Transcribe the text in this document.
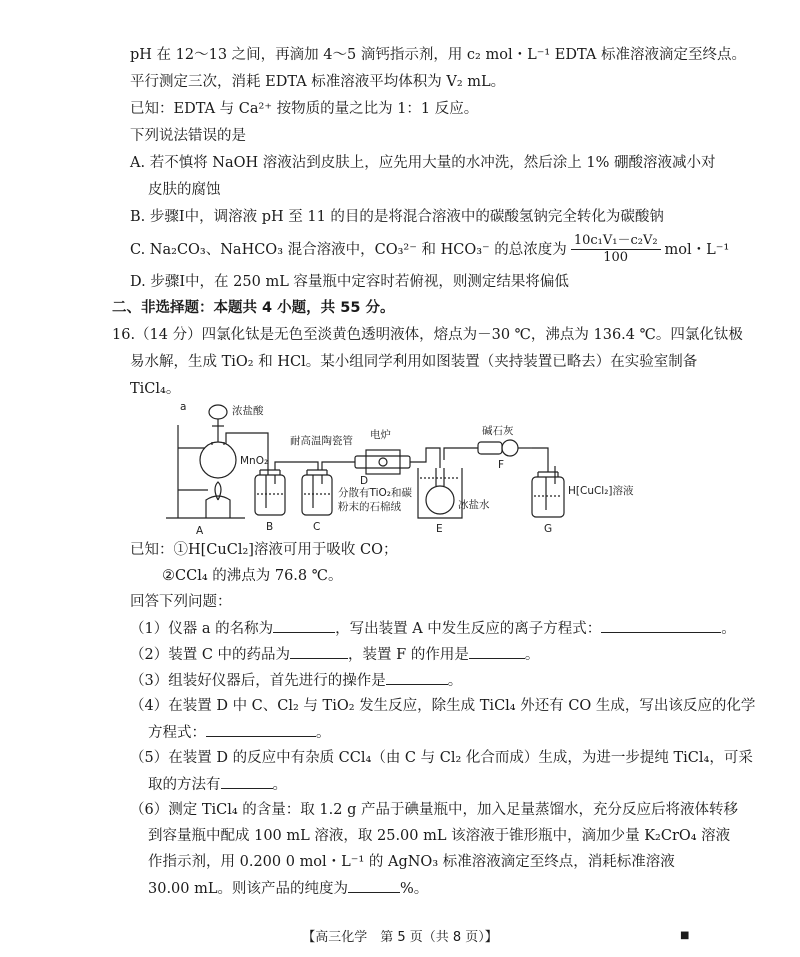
pH 在 12～13 之间，再滴加 4～5 滴钙指示剂，用 c₂ mol・L⁻¹ EDTA 标准溶液滴定至终点。
平行测定三次，消耗 EDTA 标准溶液平均体积为 V₂ mL。
已知：EDTA 与 Ca²⁺ 按物质的量之比为 1：1 反应。
下列说法错误的是
A. 若不慎将 NaOH 溶液沾到皮肤上，应先用大量的水冲洗，然后涂上 1% 硼酸溶液减小对
皮肤的腐蚀
B. 步骤Ⅰ中，调溶液 pH 至 11 的目的是将混合溶液中的碳酸氢钠完全转化为碳酸钠
C. Na₂CO₃、NaHCO₃ 混合溶液中，CO₃²⁻ 和 HCO₃⁻ 的总浓度为 $\frac{\text{10c₁V₁－c₂V₂}}{100}$ mol・L⁻¹
D. 步骤Ⅰ中，在 250 mL 容量瓶中定容时若俯视，则测定结果将偏低
二、非选择题：本题共 4 小题，共 55 分。
16.（14 分）四氯化钛是无色至淡黄色透明液体，熔点为－30 ℃，沸点为 136.4 ℃。四氯化钛极
易水解，生成 TiO₂ 和 HCl。某小组同学利用如图装置（夹持装置已略去）在实验室制备
TiCl₄。
a	浓盐酸
MnO₂
耐高温陶瓷管 电炉
D
分散有TiO₂和碳
粉末的石棉绒
碱石灰
冰盐水
H[CuCl₂]溶液
A	B	C	E
F
G
已知：①H[CuCl₂]溶液可用于吸收 CO；
②CCl₄ 的沸点为 76.8 ℃。
回答下列问题：
（1）仪器 a 的名称为	，写出装置 A 中发生反应的离子方程式：	。
（2）装置 C 中的药品为	，装置 F 的作用是	。
（3）组装好仪器后，首先进行的操作是	。
（4）在装置 D 中 C、Cl₂ 与 TiO₂ 发生反应，除生成 TiCl₄ 外还有 CO 生成，写出该反应的化学
方程式：	。
（5）在装置 D 的反应中有杂质 CCl₄（由 C 与 Cl₂ 化合而成）生成，为进一步提纯 TiCl₄，可采
取的方法有	。
（6）测定 TiCl₄ 的含量：取 1.2 g 产品于碘量瓶中，加入足量蒸馏水，充分反应后将液体转移
到容量瓶中配成 100 mL 溶液，取 25.00 mL 该溶液于锥形瓶中，滴加少量 K₂CrO₄ 溶液
作指示剂，用 0.200 0 mol・L⁻¹ 的 AgNO₃ 标准溶液滴定至终点，消耗标准溶液
30.00 mL。则该产品的纯度为	%。
【高三化学　第 5 页（共 8 页）】	■
